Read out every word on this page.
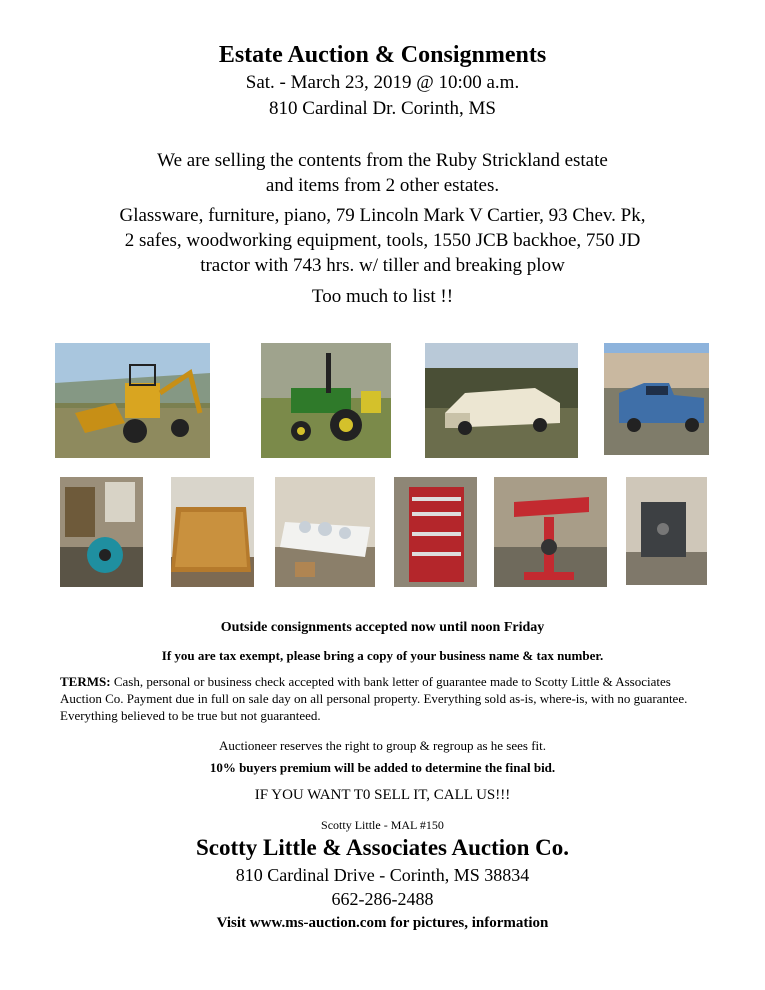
Estate Auction & Consignments
Sat. - March 23, 2019 @ 10:00 a.m.
810 Cardinal Dr. Corinth, MS
We are selling the contents from the Ruby Strickland estate
and items from 2 other estates.
Glassware, furniture, piano, 79 Lincoln Mark V Cartier, 93 Chev. Pk,
2 safes, woodworking equipment, tools, 1550 JCB backhoe, 750 JD
tractor with 743 hrs. w/ tiller and breaking plow
Too much to list !!
Outside consignments accepted now until noon Friday
If you are tax exempt, please bring a copy of your business name & tax number.
TERMS: Cash, personal or business check accepted with bank letter of guarantee made to Scotty Little & Associates Auction Co. Payment due in full on sale day on all personal property. Everything sold as-is, where-is, with no guarantee. Everything believed to be true but not guaranteed.
Auctioneer reserves the right to group & regroup as he sees fit.
10% buyers premium will be added to determine the final bid.
IF YOU WANT T0 SELL IT, CALL US!!!
Scotty Little - MAL #150
Scotty Little & Associates Auction Co.
810 Cardinal Drive - Corinth, MS 38834
662-286-2488
Visit www.ms-auction.com for pictures, information
